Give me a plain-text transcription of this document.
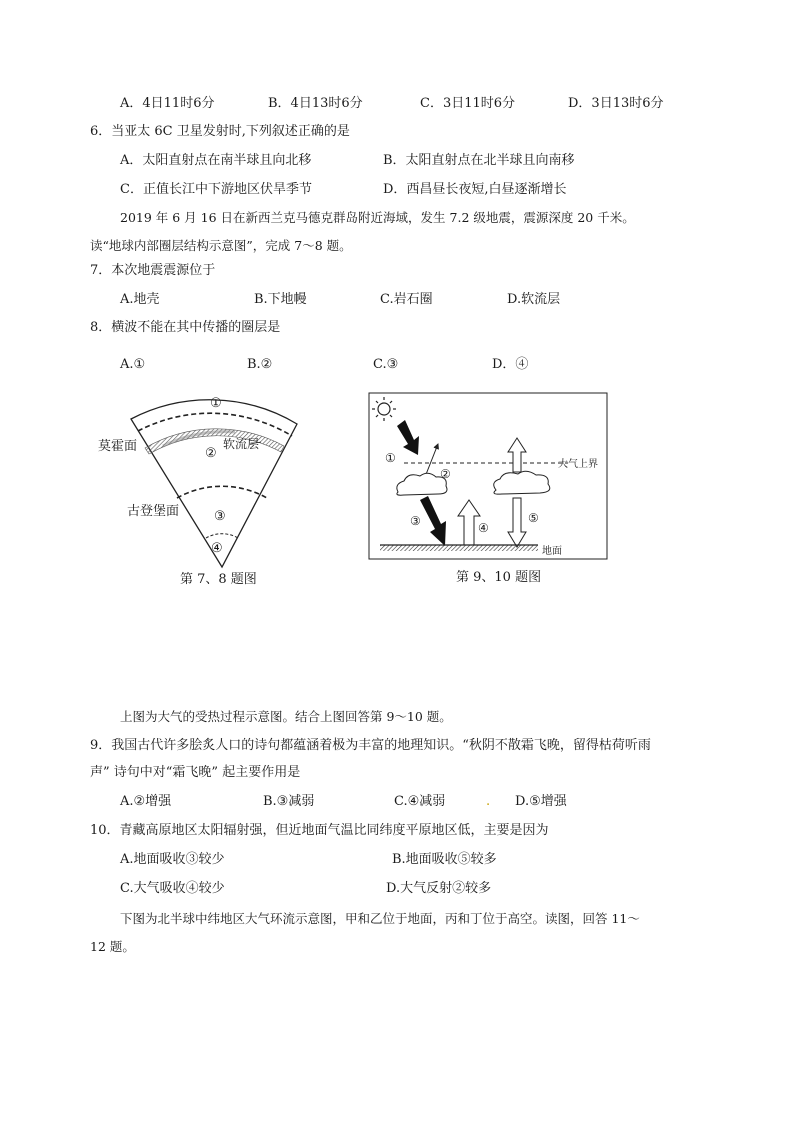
A．4日11时6分	B．4日13时6分	C．3日11时6分	D．3日13时6分
6．当亚太 6C 卫星发射时,下列叙述正确的是
A．太阳直射点在南半球且向北移	B．太阳直射点在北半球且向南移
C．正值长江中下游地区伏旱季节	D．西昌昼长夜短,白昼逐渐增长
2019 年 6 月 16 日在新西兰克马德克群岛附近海域，发生 7.2 级地震，震源深度 20 千米。
读“地球内部圈层结构示意图”，完成 7～8 题。
7．本次地震震源位于
A.地壳	B.下地幔	C.岩石圈	D.软流层
8．横波不能在其中传播的圈层是
A.①	B.②	C.③	D．④
莫霍面
古登堡面
软流层
①
②
③
④
第 7、8 题图
大气上界
地面
①
②
③	④
⑤
第 9、10 题图
上图为大气的受热过程示意图。结合上图回答第 9～10 题。
9．我国古代许多脍炙人口的诗句都蕴涵着极为丰富的地理知识。“秋阴不散霜飞晚，留得枯荷听雨
声” 诗句中对“霜飞晚” 起主要作用是
A.②增强	B.③减弱	C.④减弱	. D.⑤增强
10．青藏高原地区太阳辐射强，但近地面气温比同纬度平原地区低，主要是因为
A.地面吸收③较少	B.地面吸收⑤较多
C.大气吸收④较少	D.大气反射②较多
下图为北半球中纬地区大气环流示意图，甲和乙位于地面，丙和丁位于高空。读图，回答 11～
12 题。
